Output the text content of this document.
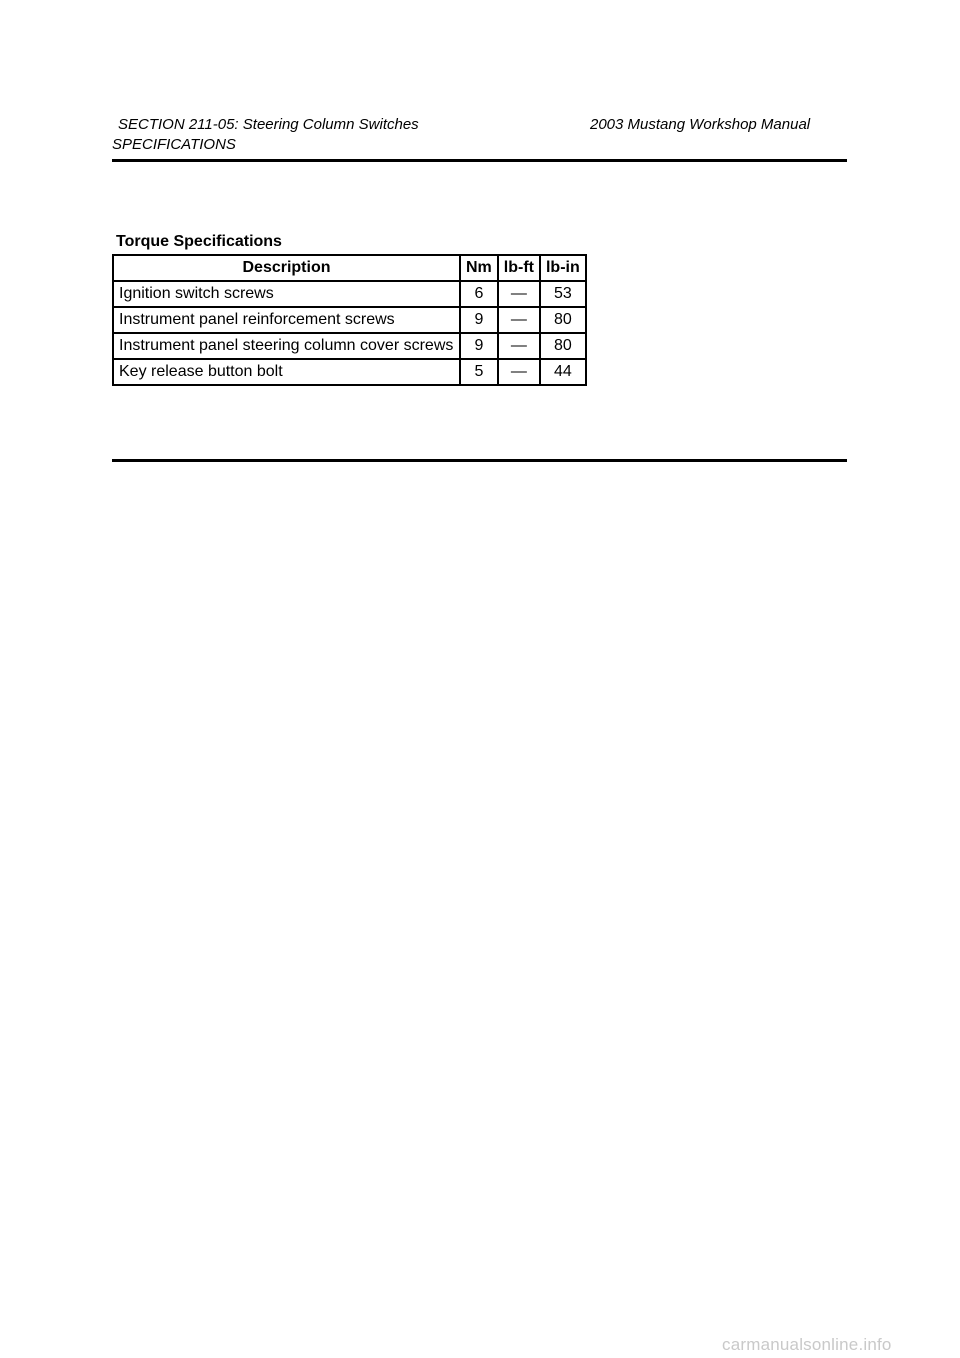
SECTION 211-05: Steering Column Switches	2003 Mustang Workshop Manual
SPECIFICATIONS
Torque Specifications
Description	Nm	lb-ft	lb-in
Ignition switch screws	6	—	53
Instrument panel reinforcement screws	9	—	80
Instrument panel steering column cover screws	9	—	80
Key release button bolt	5	—	44
carmanualsonline.info
